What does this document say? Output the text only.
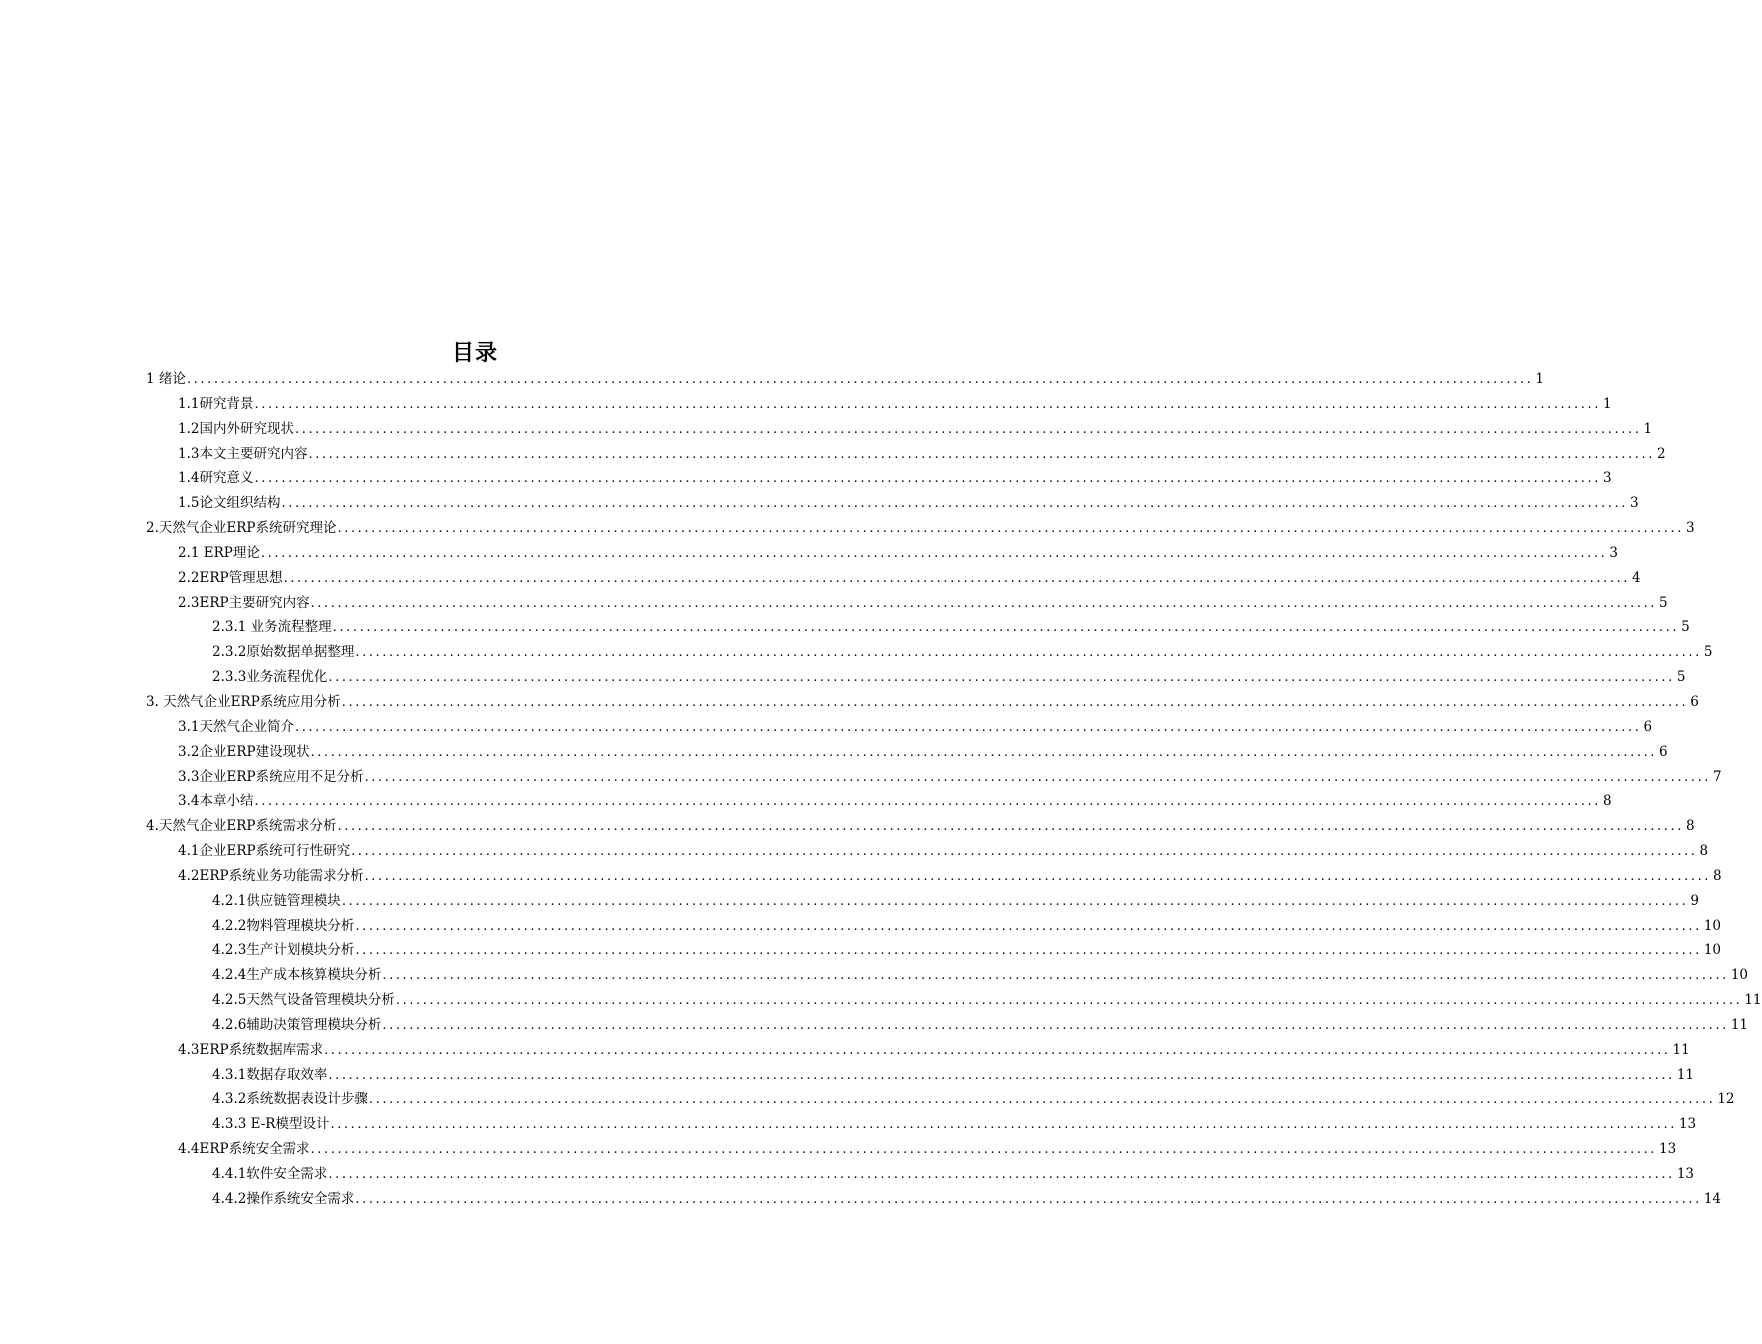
目录
1 绪论 ........................................................................................................................................................................................................ 1
1.1研究背景 ........................................................................................................................................................................................................ 1
1.2国内外研究现状 ........................................................................................................................................................................................................ 1
1.3本文主要研究内容 ........................................................................................................................................................................................................ 2
1.4研究意义 ........................................................................................................................................................................................................ 3
1.5论文组织结构 ........................................................................................................................................................................................................ 3
2.天然气企业ERP系统研究理论 ........................................................................................................................................................................................................ 3
2.1 ERP理论 ........................................................................................................................................................................................................ 3
2.2ERP管理思想 ........................................................................................................................................................................................................ 4
2.3ERP主要研究内容 ........................................................................................................................................................................................................ 5
2.3.1 业务流程整理 ........................................................................................................................................................................................................ 5
2.3.2原始数据单据整理 ........................................................................................................................................................................................................ 5
2.3.3业务流程优化 ........................................................................................................................................................................................................ 5
3. 天然气企业ERP系统应用分析 ........................................................................................................................................................................................................ 6
3.1天然气企业简介 ........................................................................................................................................................................................................ 6
3.2企业ERP建设现状 ........................................................................................................................................................................................................ 6
3.3企业ERP系统应用不足分析 ........................................................................................................................................................................................................ 7
3.4本章小结 ........................................................................................................................................................................................................ 8
4.天然气企业ERP系统需求分析 ........................................................................................................................................................................................................ 8
4.1企业ERP系统可行性研究 ........................................................................................................................................................................................................ 8
4.2ERP系统业务功能需求分析 ........................................................................................................................................................................................................ 8
4.2.1供应链管理模块 ........................................................................................................................................................................................................ 9
4.2.2物料管理模块分析 ........................................................................................................................................................................................................ 10
4.2.3生产计划模块分析 ........................................................................................................................................................................................................ 10
4.2.4生产成本核算模块分析 ........................................................................................................................................................................................................ 10
4.2.5天然气设备管理模块分析 ........................................................................................................................................................................................................ 11
4.2.6辅助决策管理模块分析 ........................................................................................................................................................................................................ 11
4.3ERP系统数据库需求 ........................................................................................................................................................................................................ 11
4.3.1数据存取效率 ........................................................................................................................................................................................................ 11
4.3.2系统数据表设计步骤 ........................................................................................................................................................................................................ 12
4.3.3 E-R模型设计 ........................................................................................................................................................................................................ 13
4.4ERP系统安全需求 ........................................................................................................................................................................................................ 13
4.4.1软件安全需求 ........................................................................................................................................................................................................ 13
4.4.2操作系统安全需求 ........................................................................................................................................................................................................ 14
